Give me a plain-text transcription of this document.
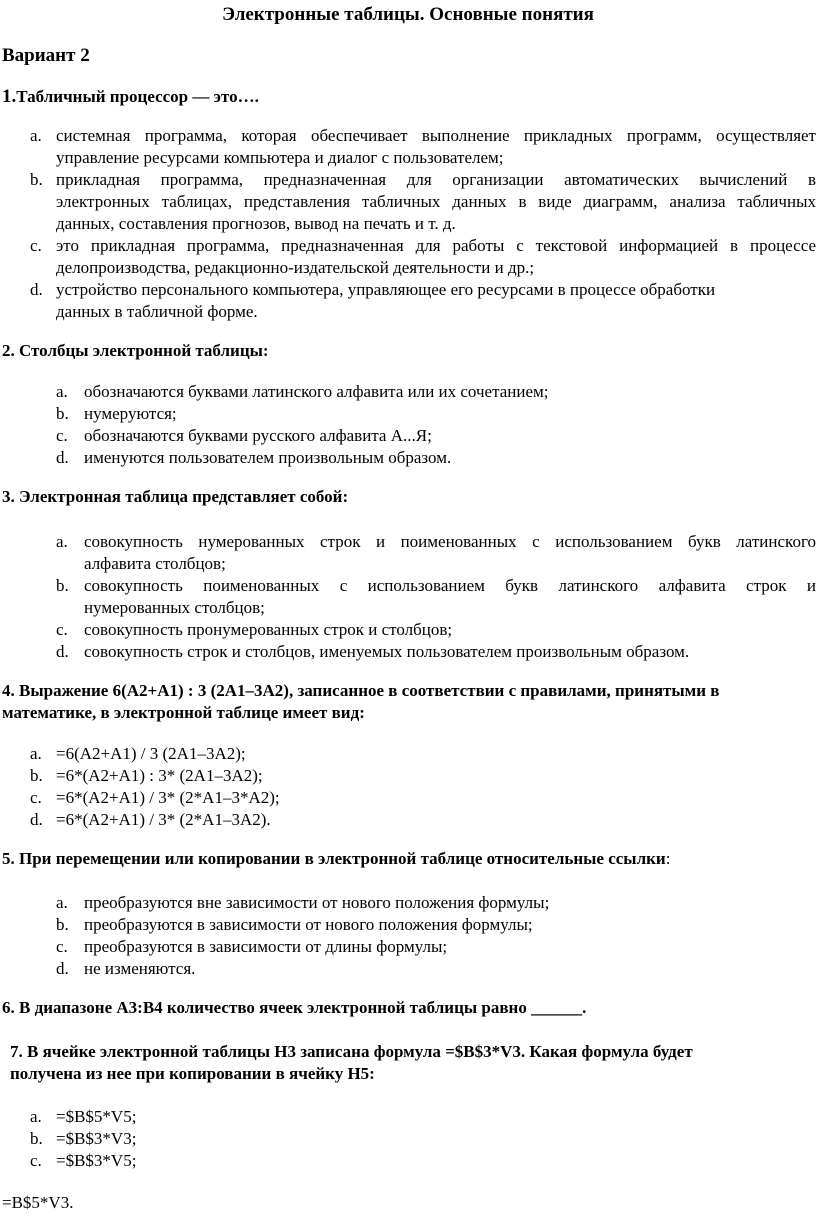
Электронные таблицы. Основные понятия
Вариант 2
1.Табличный процессор — это….
a. системная программа, которая обеспечивает выполнение прикладных программ, осуществляет
управление ресурсами компьютера и диалог с пользователем;
b. прикладная программа, предназначенная для организации автоматических вычислений в
электронных таблицах, представления табличных данных в виде диаграмм, анализа табличных
данных, составления прогнозов, вывод на печать и т. д.
c. это прикладная программа, предназначенная для работы с текстовой информацией в процессе
делопроизводства, редакционно-издательской деятельности и др.;
d. устройство персонального компьютера, управляющее его ресурсами в процессе обработки
данных в табличной форме.
2. Столбцы электронной таблицы:
a. обозначаются буквами латинского алфавита или их сочетанием;
b. нумеруются;
c. обозначаются буквами русского алфавита А...Я;
d. именуются пользователем произвольным образом.
3. Электронная таблица представляет собой:
a. совокупность нумерованных строк и поименованных с использованием букв латинского
алфавита столбцов;
b. совокупность поименованных с использованием букв латинского алфавита строк и
нумерованных столбцов;
c. совокупность пронумерованных строк и столбцов;
d. совокупность строк и столбцов, именуемых пользователем произвольным образом.
4. Выражение 6(A2+A1) : 3 (2A1–3A2), записанное в соответствии с правилами, принятыми в
математике, в электронной таблице имеет вид:
a. =6(A2+A1) / 3 (2A1–3A2);
b. =6*(A2+A1) : 3* (2A1–3A2);
c. =6*(A2+A1) / 3* (2*A1–3*A2);
d. =6*(A2+A1) / 3* (2*A1–3A2).
5. При перемещении или копировании в электронной таблице относительные ссылки:
a. преобразуются вне зависимости от нового положения формулы;
b. преобразуются в зависимости от нового положения формулы;
c. преобразуются в зависимости от длины формулы;
d. не изменяются.
6. В диапазоне A3:B4 количество ячеек электронной таблицы равно ______.
7. В ячейке электронной таблицы Н3 записана формула =$B$3*V3. Какая формула будет
получена из нее при копировании в ячейку Н5:
a. =$B$5*V5;
b. =$B$3*V3;
c. =$B$3*V5;
=B$5*V3.
